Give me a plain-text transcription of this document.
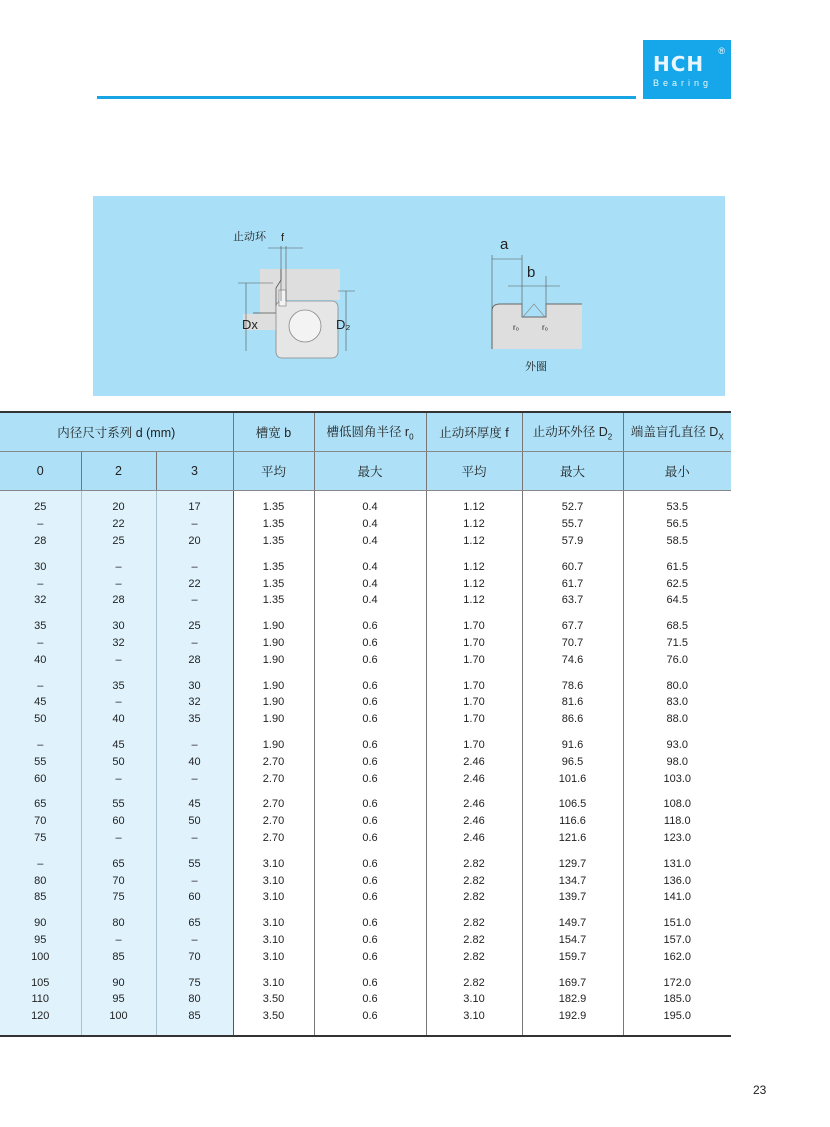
HCH
®
Bearing
止动环 f
Dx	D₂
a
b
r₀	r₀
外圈
内径尺寸系列 d (mm)			槽宽 b	槽低圆角半径 $r_0$	止动环厚度 f	止动环外径 $D_2$	端盖盲孔直径 $D_X$
0	2	3	平均	最大	平均	最大	最小
25	20	17	1.35	0.4	1.12	52.7	53.5
–	22	–	1.35	0.4	1.12	55.7	56.5
28	25	20	1.35	0.4	1.12	57.9	58.5

30	–	–	1.35	0.4	1.12	60.7	61.5
–	–	22	1.35	0.4	1.12	61.7	62.5
32	28	–	1.35	0.4	1.12	63.7	64.5

35	30	25	1.90	0.6	1.70	67.7	68.5
–	32	–	1.90	0.6	1.70	70.7	71.5
40	–	28	1.90	0.6	1.70	74.6	76.0

–	35	30	1.90	0.6	1.70	78.6	80.0
45	–	32	1.90	0.6	1.70	81.6	83.0
50	40	35	1.90	0.6	1.70	86.6	88.0

–	45	–	1.90	0.6	1.70	91.6	93.0
55	50	40	2.70	0.6	2.46	96.5	98.0
60	–	–	2.70	0.6	2.46	101.6	103.0

65	55	45	2.70	0.6	2.46	106.5	108.0
70	60	50	2.70	0.6	2.46	116.6	118.0
75	–	–	2.70	0.6	2.46	121.6	123.0

–	65	55	3.10	0.6	2.82	129.7	131.0
80	70	–	3.10	0.6	2.82	134.7	136.0
85	75	60	3.10	0.6	2.82	139.7	141.0

90	80	65	3.10	0.6	2.82	149.7	151.0
95	–	–	3.10	0.6	2.82	154.7	157.0
100	85	70	3.10	0.6	2.82	159.7	162.0

105	90	75	3.10	0.6	2.82	169.7	172.0
110	95	80	3.50	0.6	3.10	182.9	185.0
120	100	85	3.50	0.6	3.10	192.9	195.0
23
